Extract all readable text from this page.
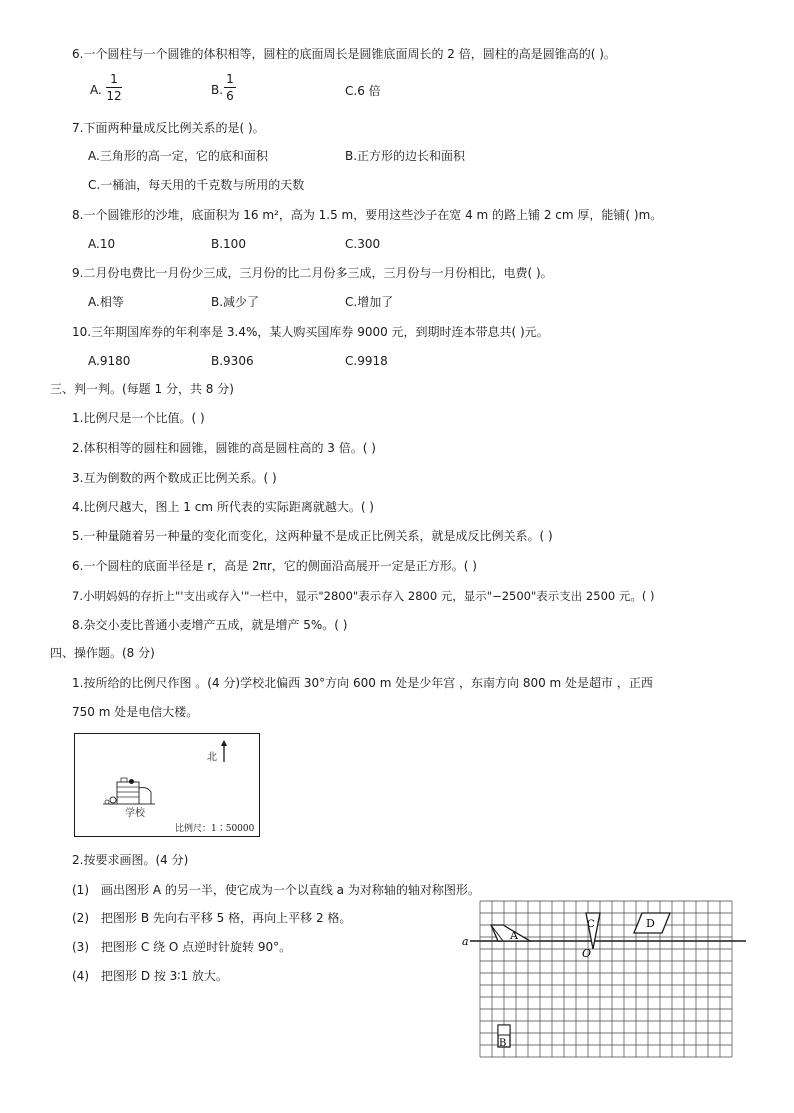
6.一个圆柱与一个圆锥的体积相等，圆柱的底面周长是圆锥底面周长的 2 倍，圆柱的高是圆锥高的( )。
A.
1
12	B.
1
6	C.6 倍
7.下面两种量成反比例关系的是( )。
A.三角形的高一定，它的底和面积	B.正方形的边长和面积
C.一桶油，每天用的千克数与所用的天数
8.一个圆锥形的沙堆，底面积为 16 m²，高为 1.5 m，要用这些沙子在宽 4 m 的路上铺 2 cm 厚，能铺( )m。
A.10	B.100	C.300
9.二月份电费比一月份少三成，三月份的比二月份多三成，三月份与一月份相比，电费( )。
A.相等	B.减少了	C.增加了
10.三年期国库券的年利率是 3.4%，某人购买国库券 9000 元，到期时连本带息共( )元。
A.9180	B.9306	C.9918
三、判一判。(每题 1 分，共 8 分)
1.比例尺是一个比值。( )
2.体积相等的圆柱和圆锥，圆锥的高是圆柱高的 3 倍。( )
3.互为倒数的两个数成正比例关系。( )
4.比例尺越大，图上 1 cm 所代表的实际距离就越大。( )
5.一种量随着另一种量的变化而变化，这两种量不是成正比例关系，就是成反比例关系。( )
6.一个圆柱的底面半径是 r，高是 2πr，它的侧面沿高展开一定是正方形。( )
7.小明妈妈的存折上"'支出或存入'"一栏中，显示"2800"表示存入 2800 元，显示"−2500"表示支出 2500 元。( )
8.杂交小麦比普通小麦增产五成，就是增产 5%。( )
四、操作题。(8 分)
1.按所给的比例尺作图 。(4 分)学校北偏西 30°方向 600 m 处是少年宫 ，东南方向 800 m 处是超市 ，正西
750 m 处是电信大楼。
北
学校
比例尺：1∶50000
2.按要求画图。(4 分)
(1) 画出图形 A 的另一半，使它成为一个以直线 a 为对称轴的轴对称图形。
(2) 把图形 B 先向右平移 5 格，再向上平移 2 格。
(3) 把图形 C 绕 O 点逆时针旋转 90°。
(4) 把图形 D 按 3∶1 放大。
a	A
C
O
D
B
